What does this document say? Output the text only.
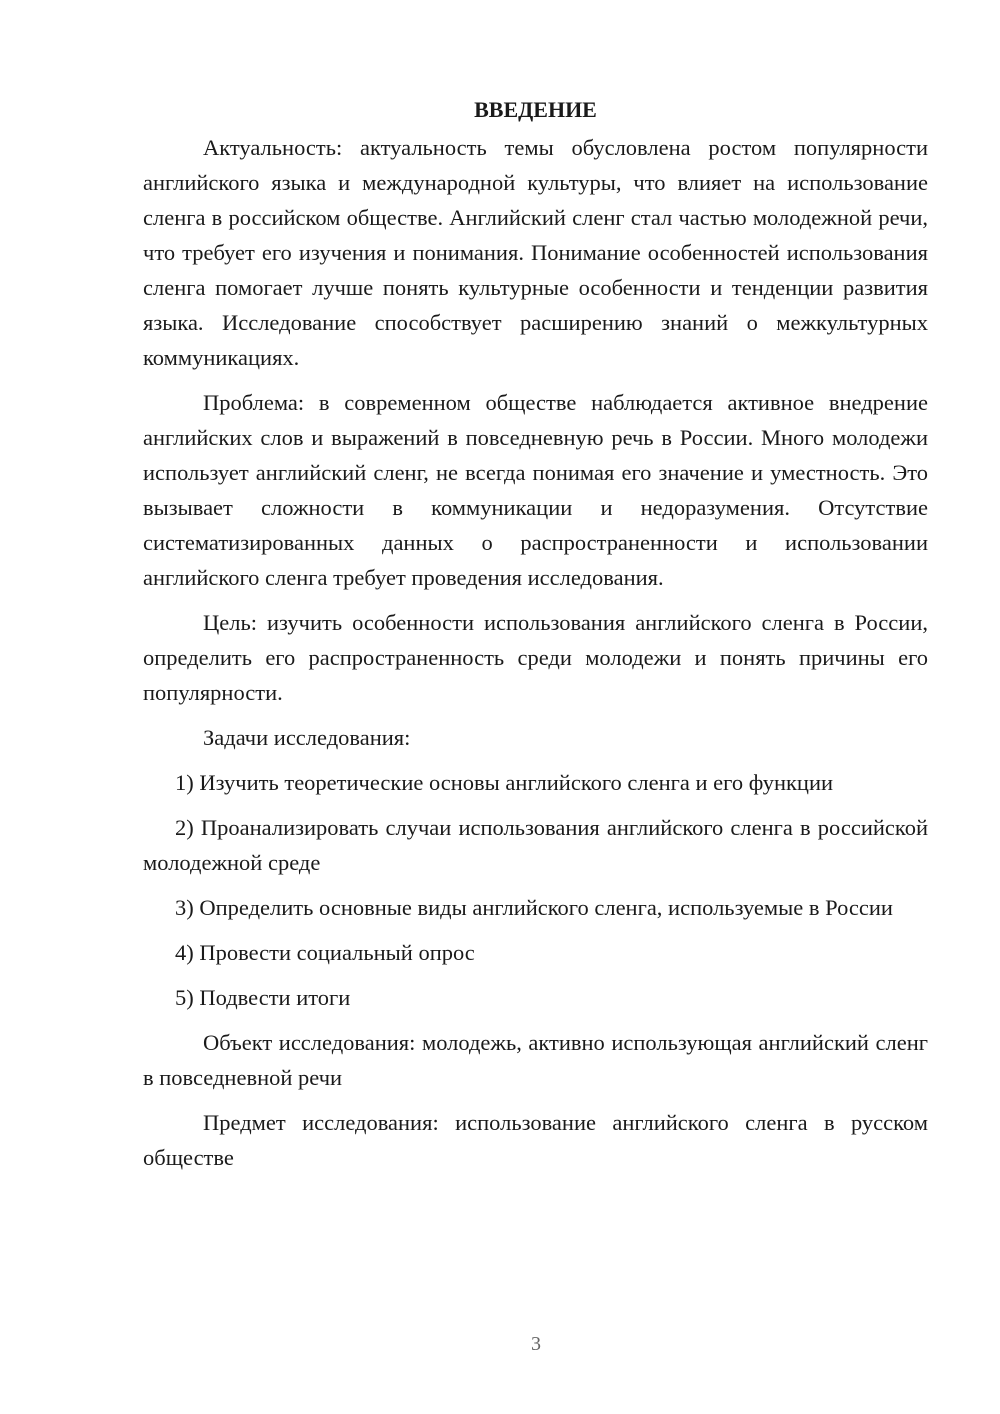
ВВЕДЕНИЕ

Актуальность: актуальность темы обусловлена ростом популярности английского языка и международной культуры, что влияет на использование сленга в российском обществе. Английский сленг стал частью молодежной речи, что требует его изучения и понимания. Понимание особенностей использования сленга помогает лучше понять культурные особенности и тенденции развития языка. Исследование способствует расширению знаний о межкультурных коммуникациях.

Проблема: в современном обществе наблюдается активное внедрение английских слов и выражений в повседневную речь в России. Много молодежи использует английский сленг, не всегда понимая его значение и уместность. Это вызывает сложности в коммуникации и недоразумения. Отсутствие систематизированных данных о распространенности и использовании английского сленга требует проведения исследования.

Цель: изучить особенности использования английского сленга в России, определить его распространенность среди молодежи и понять причины его популярности.

Задачи исследования:

1) Изучить теоретические основы английского сленга и его функции

2) Проанализировать случаи использования английского сленга в российской молодежной среде

3) Определить основные виды английского сленга, используемые в России

4) Провести социальный опрос

5) Подвести итоги

Объект исследования: молодежь, активно использующая английский сленг в повседневной речи

Предмет исследования: использование английского сленга в русском обществе

3
